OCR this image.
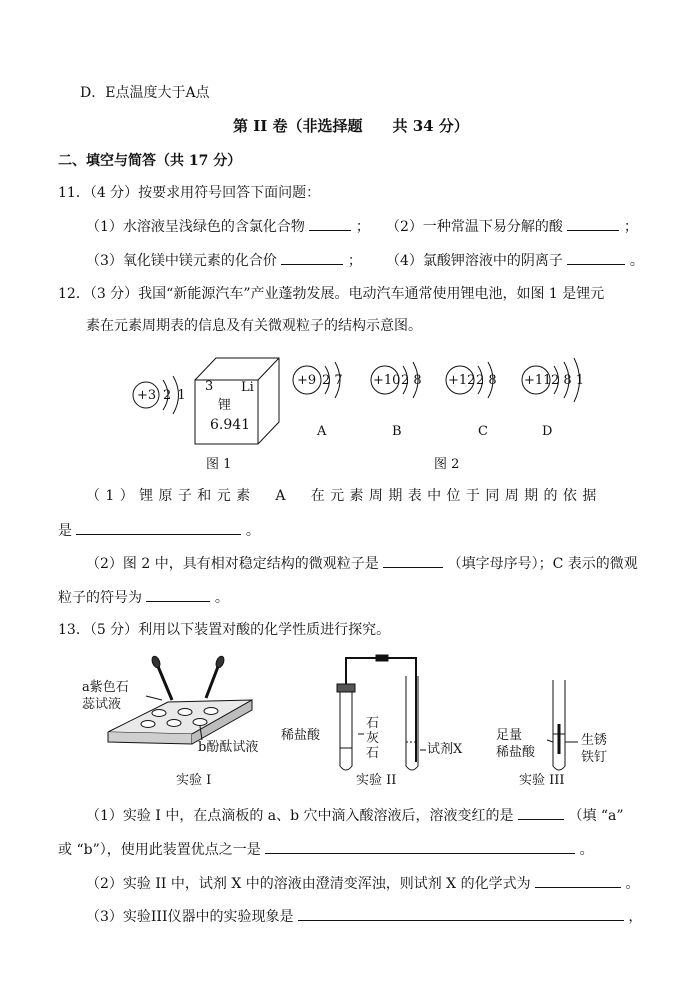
D．E点温度大于A点
第 II 卷（非选择题　　共 34 分）
二、填空与简答（共 17 分）
11．（4 分）按要求用符号回答下面问题：
（1）水溶液呈浅绿色的含氯化合物	； （2）一种常温下易分解的酸	；
（3）氧化镁中镁元素的化合价	； （4）氯酸钾溶液中的阴离子	。
12．（3 分）我国“新能源汽车”产业蓬勃发展。电动汽车通常使用锂电池，如图 1 是锂元
素在元素周期表的信息及有关微观粒子的结构示意图。
+3 2 1
3 Li
锂
6.941
+9 2 7 +10 2 8 +12 2 8 +11 2 8 1
A	B	C	D
图 1	图 2
（1）锂原子和元素 A 在元素周期表中位于同周期的依据
是	。
（2）图 2 中，具有相对稳定结构的微观粒子是	（填字母序号）；C 表示的微观
粒子的符号为	。
13．（5 分）利用以下装置对酸的化学性质进行探究。
a紫色石
蕊试液
b酚酞试液
实验 I
稀盐酸
石
灰
石	试剂X
实验 II
足量
稀盐酸
生锈
铁钉
实验 III
（1）实验 I 中，在点滴板的 a、b 穴中滴入酸溶液后，溶液变红的是	（填 “a”
或 “b”），使用此装置优点之一是	。
（2）实验 II 中，试剂 X 中的溶液由澄清变浑浊，则试剂 X 的化学式为	。
（3）实验III仪器中的实验现象是	，
